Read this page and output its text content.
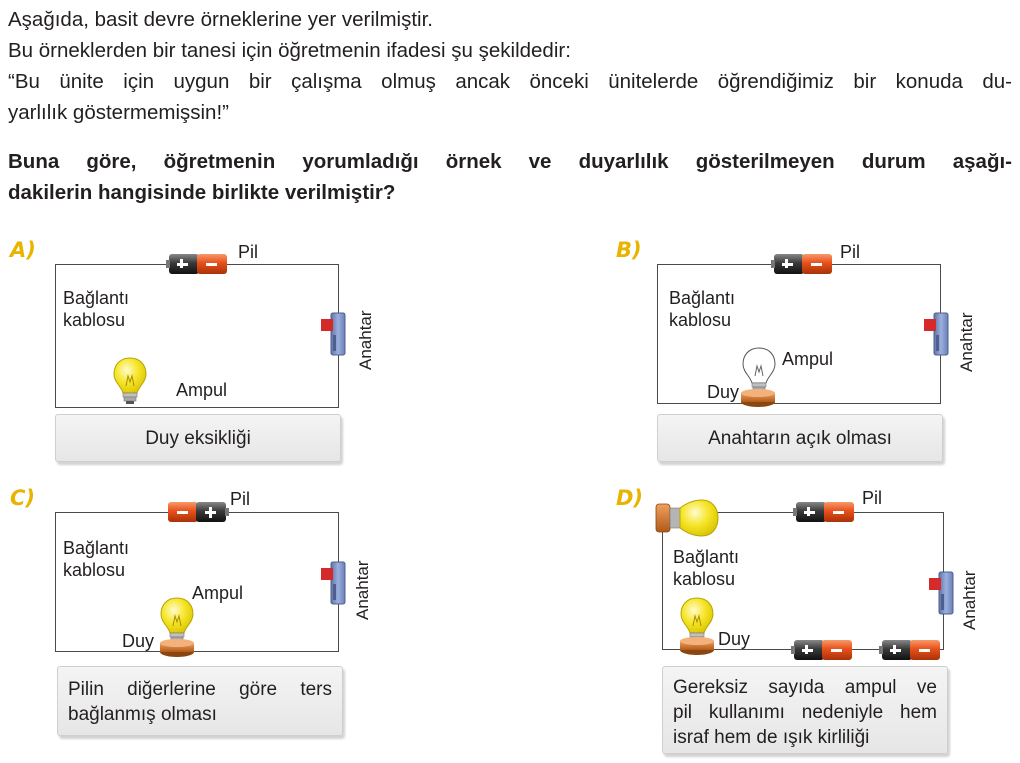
Aşağıda, basit devre örneklerine yer verilmiştir.

Bu örneklerden bir tanesi için öğretmenin ifadesi şu şekildedir:

“Bu ünite için uygun bir çalışma olmuş ancak önceki ünitelerde öğrendiğimiz bir konuda du-

yarlılık göstermemişsin!”

Buna göre, öğretmenin yorumladığı örnek ve duyarlılık gösterilmeyen durum aşağı-
dakilerin hangisinde birlikte verilmiştir?
A)	Pil
Bağlantı
kablosu	Anahtar
Ampul
Duy eksikliği
B)	Pil
Bağlantı
kablosu	Anahtar
Ampul
Duy
Anahtarın açık olması
C)	Pil
Bağlantı
kablosu	Anahtar
Ampul
Duy
Pilin diğerlerine göre ters
bağlanmış olması
D)	Pil
Bağlantı
kablosu	Anahtar
Duy
Gereksiz sayıda ampul ve
pil kullanımı nedeniyle hem
israf hem de ışık kirliliği
